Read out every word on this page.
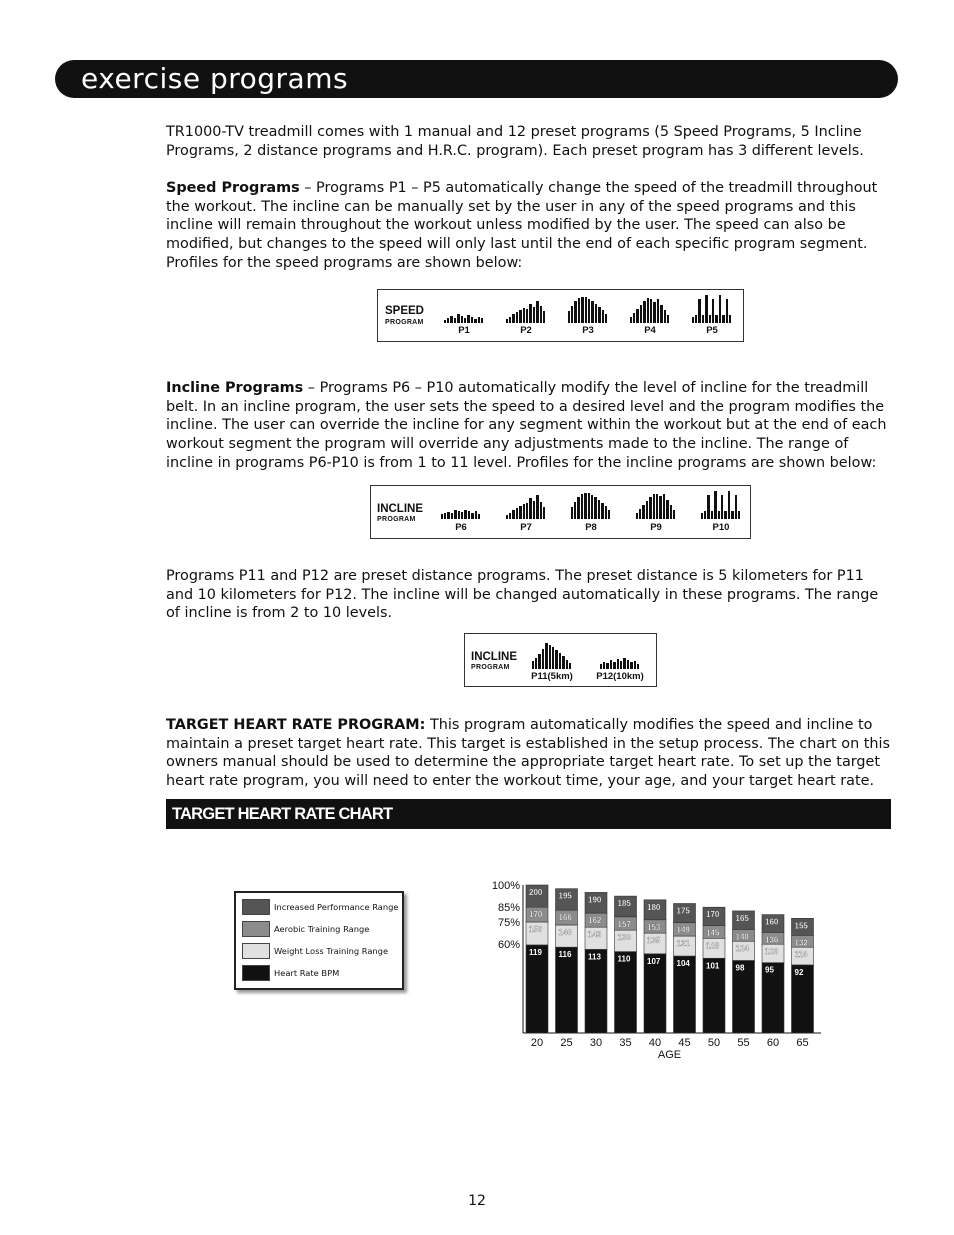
exercise programs

TR1000-TV treadmill comes with 1 manual and 12 preset programs (5 Speed Programs, 5 Incline Programs, 2 distance programs and H.R.C. program). Each preset program has 3 different levels.

Speed Programs – Programs P1 – P5 automatically change the speed of the treadmill throughout the workout. The incline can be manually set by the user in any of the speed programs and this incline will remain throughout the workout unless modified by the user. The speed can also be modified, but changes to the speed will only last until the end of each specific program segment. Profiles for the speed programs are shown below:

SPEED
PROGRAM
P1	P2	P3	P4	P5

Incline Programs – Programs P6 – P10 automatically modify the level of incline for the treadmill belt. In an incline program, the user sets the speed to a desired level and the program modifies the incline. The user can override the incline for any segment within the workout but at the end of each workout segment the program will override any adjustments made to the incline. The range of incline in programs P6-P10 is from 1 to 11 level. Profiles for the incline programs are shown below:

INCLINE
PROGRAM
P6	P7	P8	P9	P10

Programs P11 and P12 are preset distance programs. The preset distance is 5 kilometers for P11 and 10 kilometers for P12. The incline will be changed automatically in these programs. The range of incline is from 2 to 10 levels.

INCLINE
PROGRAM
P11(5km)	P12(10km)

TARGET HEART RATE PROGRAM: This program automatically modifies the speed and incline to maintain a preset target heart rate. This target is established in the setup process. The chart on this owners manual should be used to determine the appropriate target heart rate. To set up the target heart rate program, you will need to enter the workout time, your age, and your target heart rate.

TARGET HEART RATE CHART
Increased Performance Range
Aerobic Training Range
Weight Loss Training Range
Heart Rate BPM
100%
85%
75%
60%
119
150
170
200
20
116
146
166
195
25
113
143
162
190
30
110
139
157
185
35
107
135
153
180
40
104
131
149
175
45
101
128
145
170
50
98
124
140
165
55
95
120
136
160
60
92
116
132
155
65
AGE

12
